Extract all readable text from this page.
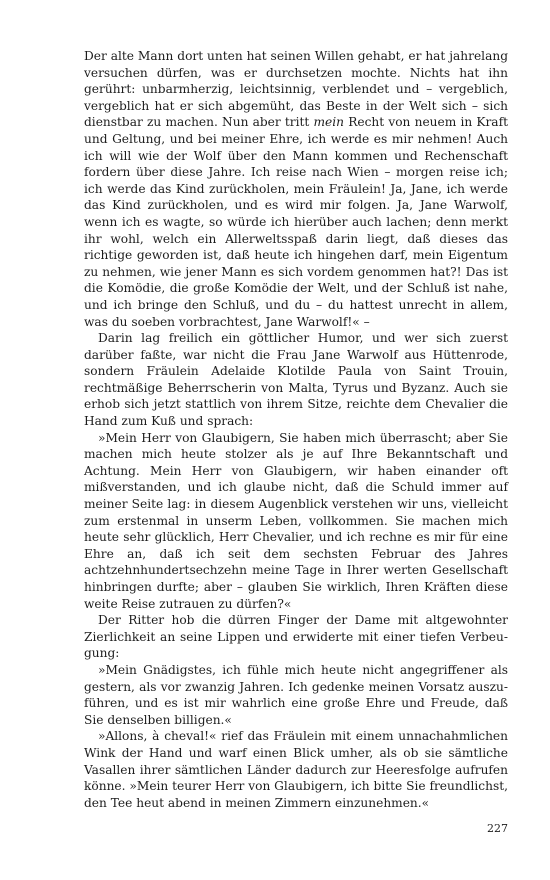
Der alte Mann dort unten hat seinen Willen gehabt, er hat jahrelang versuchen dürfen, was er durchsetzen mochte. Nichts hat ihn gerührt: unbarmherzig, leichtsinnig, verblendet und – vergeblich, vergeblich hat er sich abgemüht, das Beste in der Welt sich – sich dienstbar zu machen. Nun aber tritt mein Recht von neuem in Kraft und Geltung, und bei meiner Ehre, ich werde es mir nehmen! Auch ich will wie der Wolf über den Mann kommen und Rechenschaft fordern über diese Jahre. Ich reise nach Wien – morgen reise ich; ich werde das Kind zurückholen, mein Fräulein! Ja, Jane, ich werde das Kind zurückholen, und es wird mir folgen. Ja, Jane Warwolf, wenn ich es wagte, so würde ich hierüber auch lachen; denn merkt ihr wohl, welch ein Allerweltsspaß darin liegt, daß dieses das richtige geworden ist, daß heute ich hingehen darf, mein Eigentum zu nehmen, wie jener Mann es sich vordem genommen hat?! Das ist die Komödie, die große Komödie der Welt, und der Schluß ist nahe, und ich bringe den Schluß, und du – du hattest unrecht in allem, was du soeben vorbrachtest, Jane Warwolf!« –

Darin lag freilich ein göttlicher Humor, und wer sich zuerst darüber faßte, war nicht die Frau Jane Warwolf aus Hüttenrode, sondern Fräulein Adelaide Klotilde Paula von Saint Trouin, rechtmäßige Beherrscherin von Malta, Tyrus und Byzanz. Auch sie erhob sich jetzt stattlich von ihrem Sitze, reichte dem Chevalier die Hand zum Kuß und sprach:

»Mein Herr von Glaubigern, Sie haben mich überrascht; aber Sie machen mich heute stolzer als je auf Ihre Bekanntschaft und Achtung. Mein Herr von Glaubigern, wir haben einander oft mißverstanden, und ich glaube nicht, daß die Schuld immer auf meiner Seite lag: in diesem Augenblick verstehen wir uns, vielleicht zum erstenmal in unserm Leben, vollkommen. Sie machen mich heute sehr glücklich, Herr Chevalier, und ich rechne es mir für eine Ehre an, daß ich seit dem sechsten Februar des Jahres achtzehnhundertsechzehn meine Tage in Ihrer werten Gesellschaft hinbringen durfte; aber – glauben Sie wirklich, Ihren Kräften diese weite Reise zutrauen zu dürfen?«

Der Ritter hob die dürren Finger der Dame mit altgewohnter Zierlichkeit an seine Lippen und erwiderte mit einer tiefen Verbeugung:

»Mein Gnädigstes, ich fühle mich heute nicht angegriffener als gestern, als vor zwanzig Jahren. Ich gedenke meinen Vorsatz auszuführen, und es ist mir wahrlich eine große Ehre und Freude, daß Sie denselben billigen.«

»Allons, à cheval!« rief das Fräulein mit einem unnachahmlichen Wink der Hand und warf einen Blick umher, als ob sie sämtliche Vasallen ihrer sämtlichen Länder dadurch zur Heeresfolge aufrufen könne. »Mein teurer Herr von Glaubigern, ich bitte Sie freundlichst, den Tee heut abend in meinen Zimmern einzunehmen.«

227
